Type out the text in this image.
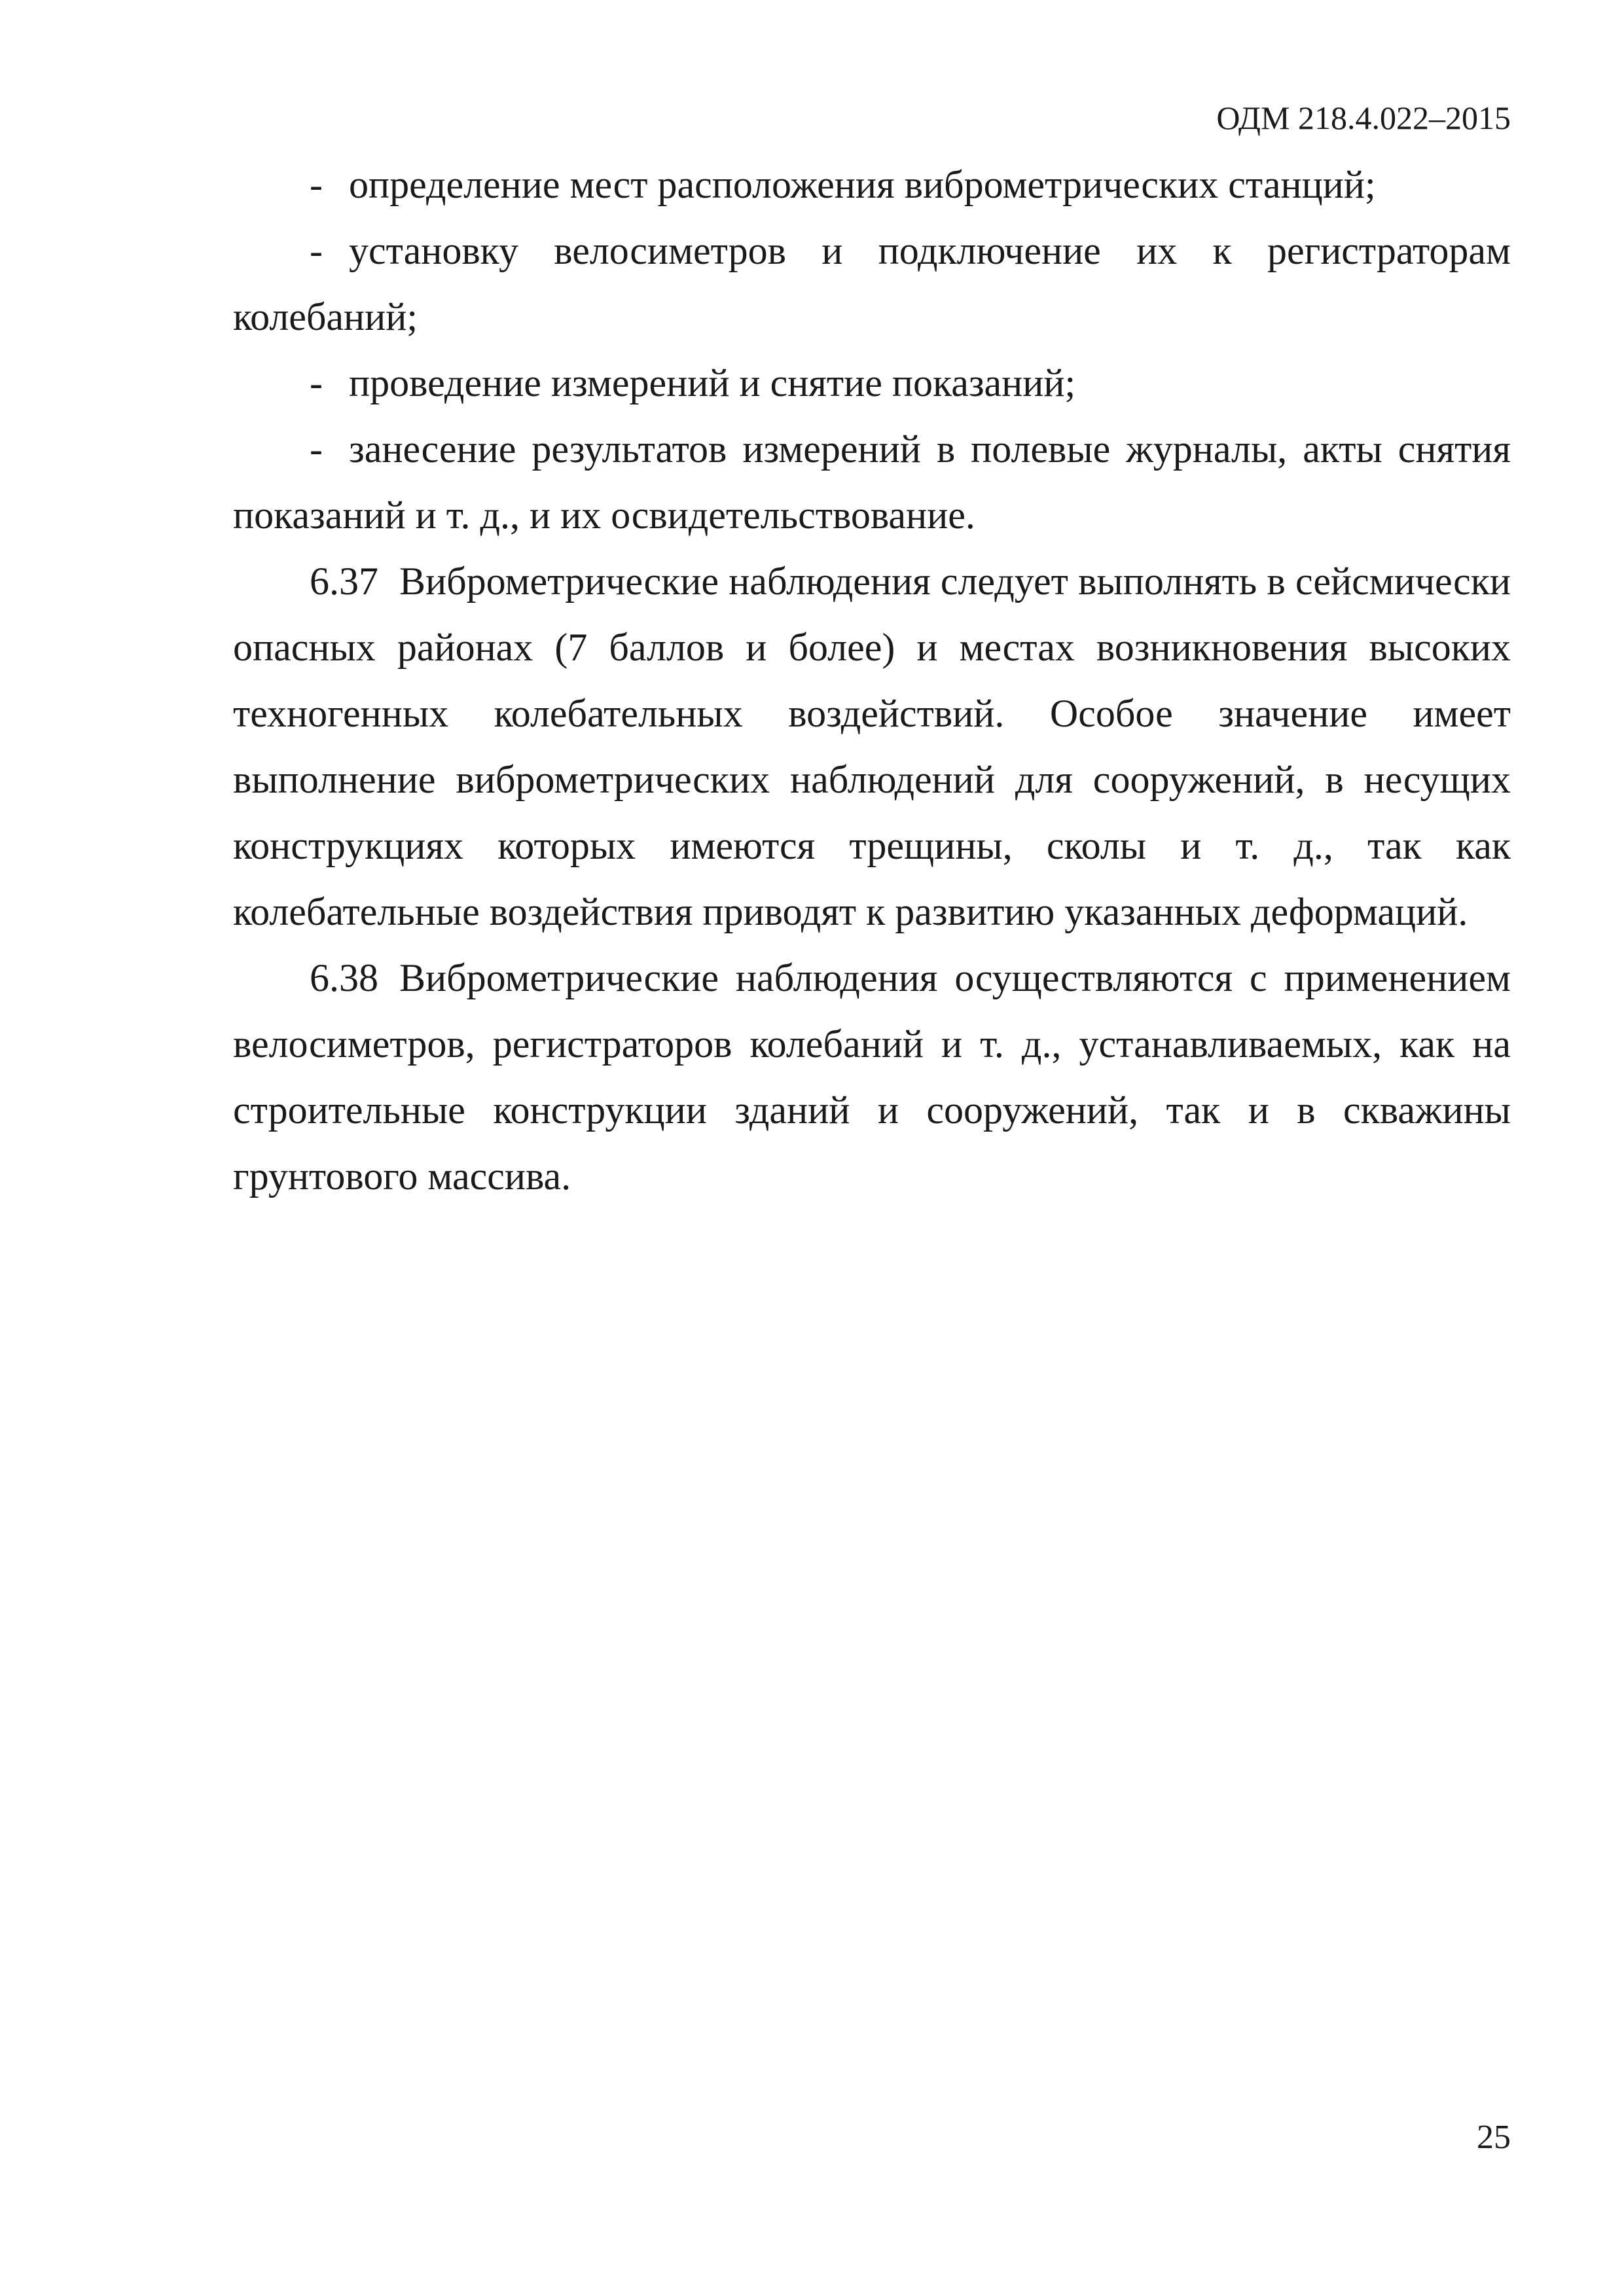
ОДМ 218.4.022–2015

- определение мест расположения виброметрических станций;

- установку велосиметров и подключение их к регистраторам колебаний;

- проведение измерений и снятие показаний;

- занесение результатов измерений в полевые журналы, акты снятия показаний и т. д., и их освидетельствование.

6.37 Виброметрические наблюдения следует выполнять в сейсмически опасных районах (7 баллов и более) и местах возникновения высоких техногенных колебательных воздействий. Особое значение имеет выполнение виброметрических наблюдений для сооружений, в несущих конструкциях которых имеются трещины, сколы и т. д., так как колебательные воздействия приводят к развитию указанных деформаций.

6.38 Виброметрические наблюдения осуществляются с применением велосиметров, регистраторов колебаний и т. д., устанавливаемых, как на строительные конструкции зданий и сооружений, так и в скважины грунтового массива.

25
